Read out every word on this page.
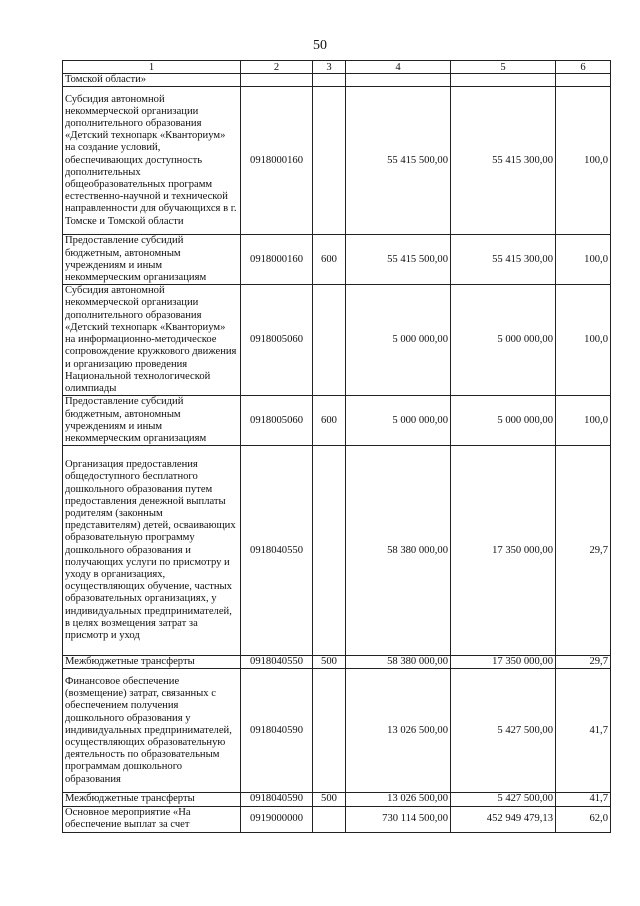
50
1	2	3	4	5	6
Томской области»					
Субсидия автономной некоммерческой организации дополнительного образования «Детский технопарк «Кванториум» на создание условий, обеспечивающих доступность дополнительных общеобразовательных программ естественно-научной и технической направленности для обучающихся в г. Томске и Томской области	0918000160		55 415 500,00	55 415 300,00	100,0
Предоставление субсидий бюджетным, автономным учреждениям и иным некоммерческим организациям	0918000160	600	55 415 500,00	55 415 300,00	100,0
Субсидия автономной некоммерческой организации дополнительного образования «Детский технопарк «Кванториум» на информационно-методическое сопровождение кружкового движения и организацию проведения Национальной технологической олимпиады	0918005060		5 000 000,00	5 000 000,00	100,0
Предоставление субсидий бюджетным, автономным учреждениям и иным некоммерческим организациям	0918005060	600	5 000 000,00	5 000 000,00	100,0
Организация предоставления общедоступного бесплатного дошкольного образования путем предоставления денежной выплаты родителям (законным представителям) детей, осваивающих образовательную программу дошкольного образования и получающих услуги по присмотру и уходу в организациях, осуществляющих обучение, частных образовательных организациях, у индивидуальных предпринимателей, в целях возмещения затрат за присмотр и уход	0918040550		58 380 000,00	17 350 000,00	29,7
Межбюджетные трансферты	0918040550	500	58 380 000,00	17 350 000,00	29,7
Финансовое обеспечение (возмещение) затрат, связанных с обеспечением получения дошкольного образования у индивидуальных предпринимателей, осуществляющих образовательную деятельность по образовательным программам дошкольного образования	0918040590		13 026 500,00	5 427 500,00	41,7
Межбюджетные трансферты	0918040590	500	13 026 500,00	5 427 500,00	41,7
Основное мероприятие «На обеспечение выплат за счет	0919000000		730 114 500,00	452 949 479,13	62,0
